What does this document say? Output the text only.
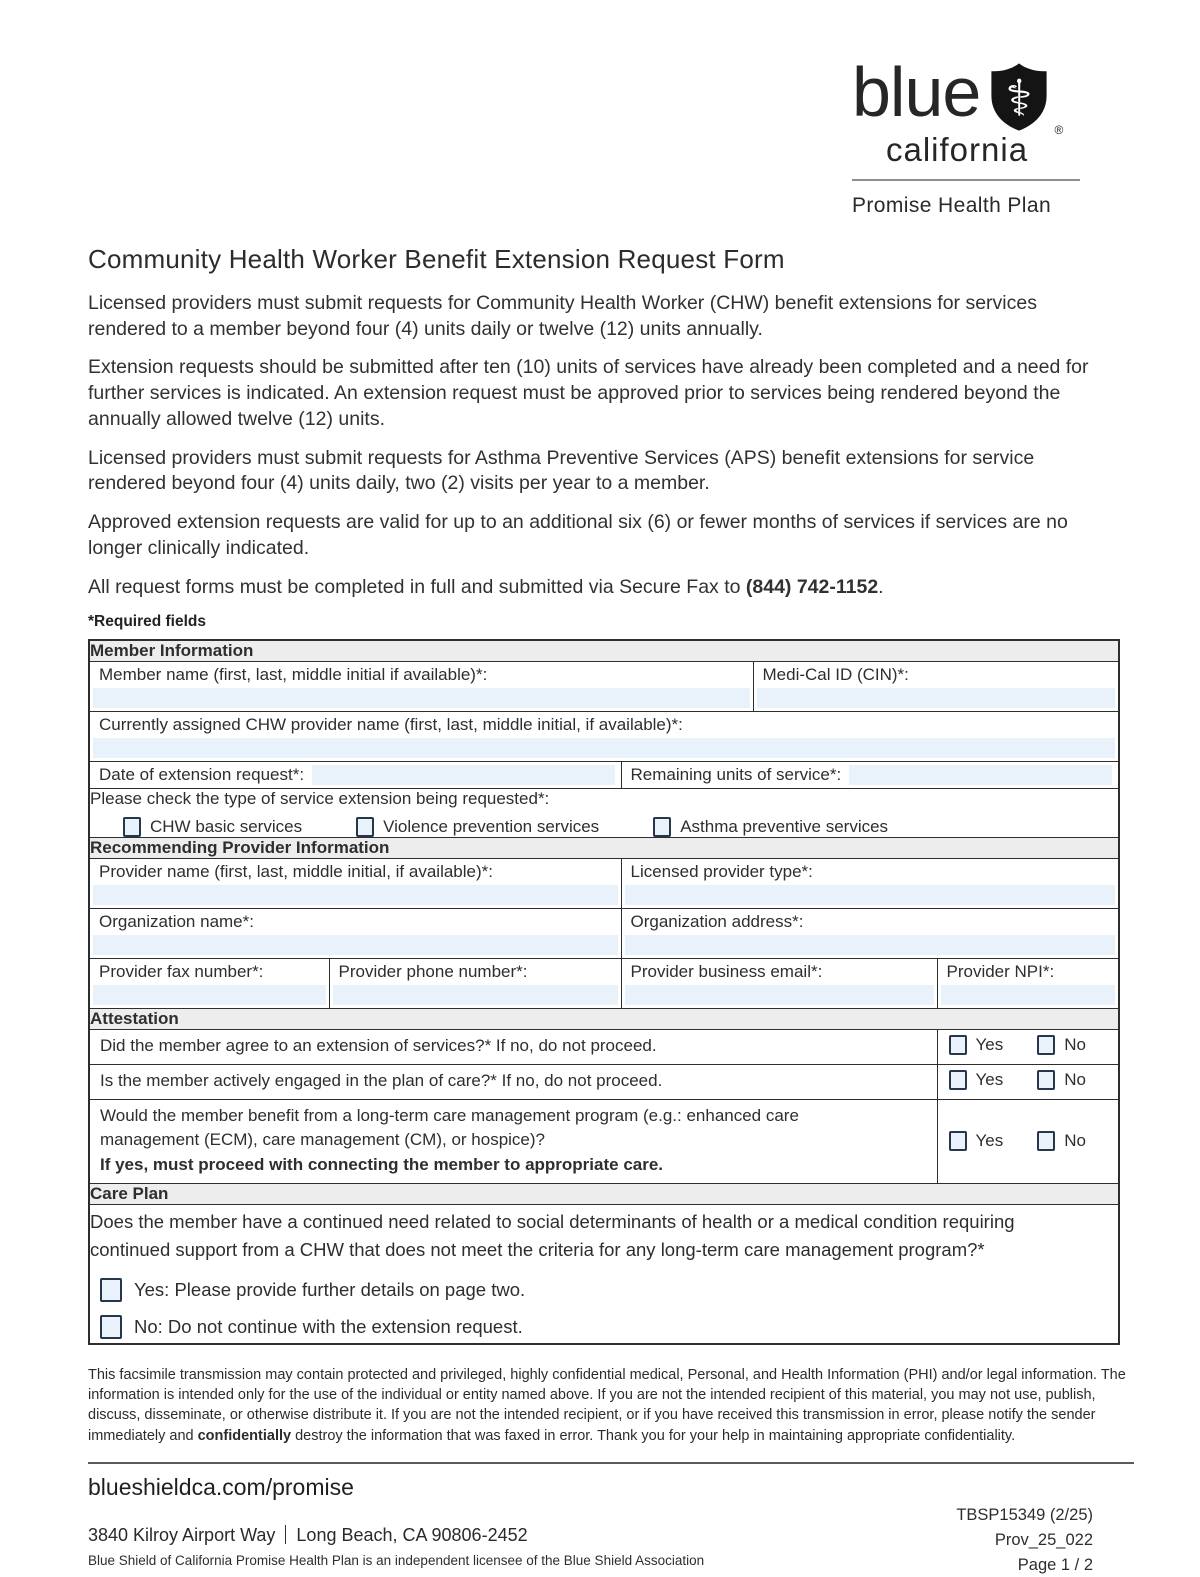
blue ⚕
®
california
Promise Health Plan
Community Health Worker Benefit Extension Request Form

Licensed providers must submit requests for Community Health Worker (CHW) benefit extensions for services rendered to a member beyond four (4) units daily or twelve (12) units annually.

Extension requests should be submitted after ten (10) units of services have already been completed and a need for further services is indicated. An extension request must be approved prior to services being rendered beyond the annually allowed twelve (12) units.

Licensed providers must submit requests for Asthma Preventive Services (APS) benefit extensions for service rendered beyond four (4) units daily, two (2) visits per year to a member.

Approved extension requests are valid for up to an additional six (6) or fewer months of services if services are no longer clinically indicated.

All request forms must be completed in full and submitted via Secure Fax to (844) 742-1152.

*Required fields
Member Information				

Member name (first, last, middle initial if available)*:			Medi-Cal ID (CIN)*:	

Currently assigned CHW provider name (first, last, middle initial, if available)*:				

Date of extension request*:		Remaining units of service*:		

Please check the type of service extension being requested*:
CHW basic services Violence prevention services Asthma preventive services				

Recommending Provider Information				

Provider name (first, last, middle initial, if available)*:		Licensed provider type*:		

Organization name*:		Organization address*:		

Provider fax number*:	Provider phone number*:	Provider business email*:		Provider NPI*:

Attestation				

Did the member agree to an extension of services?* If no, do not proceed.				Yes No

Is the member actively engaged in the plan of care?* If no, do not proceed.				Yes No

Would the member benefit from a long-term care management program (e.g.: enhanced care management (ECM), care management (CM), or hospice)?
If yes, must proceed with connecting the member to appropriate care.				Yes No

Care Plan				

Does the member have a continued need related to social determinants of health or a medical condition requiring continued support from a CHW that does not meet the criteria for any long-term care management program?*

Yes: Please provide further details on page two.
No: Do not continue with the extension request.				

This facsimile transmission may contain protected and privileged, highly confidential medical, Personal, and Health Information (PHI) and/or legal information. The information is intended only for the use of the individual or entity named above. If you are not the intended recipient of this material, you may not use, publish, discuss, disseminate, or otherwise distribute it. If you are not the intended recipient, or if you have received this transmission in error, please notify the sender immediately and confidentially destroy the information that was faxed in error. Thank you for your help in maintaining appropriate confidentiality.

blueshieldca.com/promise
3840 Kilroy Airport Way Long Beach, CA 90806-2452
Blue Shield of California Promise Health Plan is an independent licensee of the Blue Shield Association
TBSP15349 (2/25)
Prov_25_022
Page 1 / 2
